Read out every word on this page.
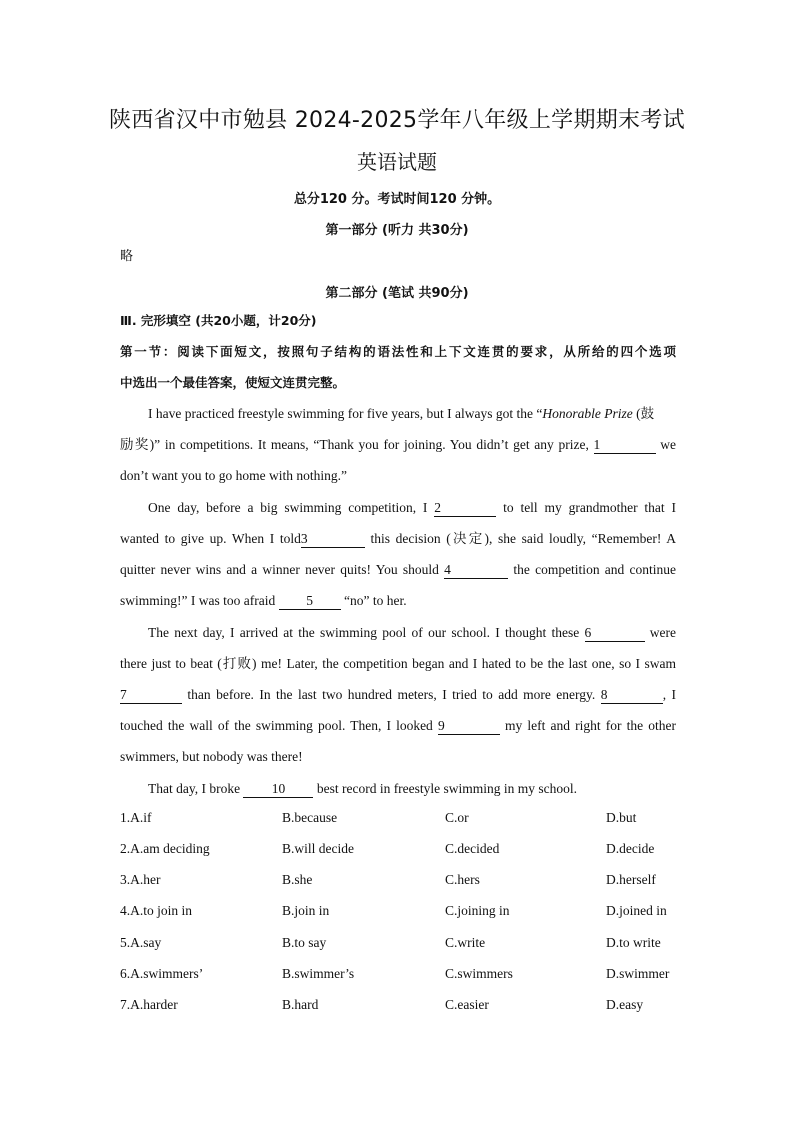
陕西省汉中市勉县 2024-2025学年八年级上学期期末考试
英语试题
总分120 分。考试时间120 分钟。
第一部分 (听力 共30分)
略
第二部分 (笔试 共90分)
Ⅲ. 完形填空 (共20小题，计20分)
第一节：阅读下面短文，按照句子结构的语法性和上下文连贯的要求，从所给的四个选项
中选出一个最佳答案，使短文连贯完整。
I have practiced freestyle swimming for five years, but I always got the “Honorable Prize (鼓
励奖)” in competitions. It means, “Thank you for joining. You didn’t get any prize, 1	we
don’t want you to go home with nothing.”
One day, before a big swimming competition, I 2	to tell my grandmother that I
wanted to give up. When I told3	this decision (决定), she said loudly, “Remember! A
quitter never wins and a winner never quits! You should 4	the competition and continue
swimming!” I was too afraid 5 “no” to her.
The next day, I arrived at the swimming pool of our school. I thought these 6	were
there just to beat (打败) me! Later, the competition began and I hated to be the last one, so I swam
7	than before. In the last two hundred meters, I tried to add more energy. 8	, I
touched the wall of the swimming pool. Then, I looked 9	my left and right for the other
swimmers, but nobody was there!
That day, I broke 10 best record in freestyle swimming in my school.
1.A.if	B.because	C.or	D.but
2.A.am deciding	B.will decide	C.decided	D.decide
3.A.her	B.she	C.hers	D.herself
4.A.to join in	B.join in	C.joining in	D.joined in
5.A.say	B.to say	C.write	D.to write
6.A.swimmers’	B.swimmer’s	C.swimmers	D.swimmer
7.A.harder	B.hard	C.easier	D.easy
